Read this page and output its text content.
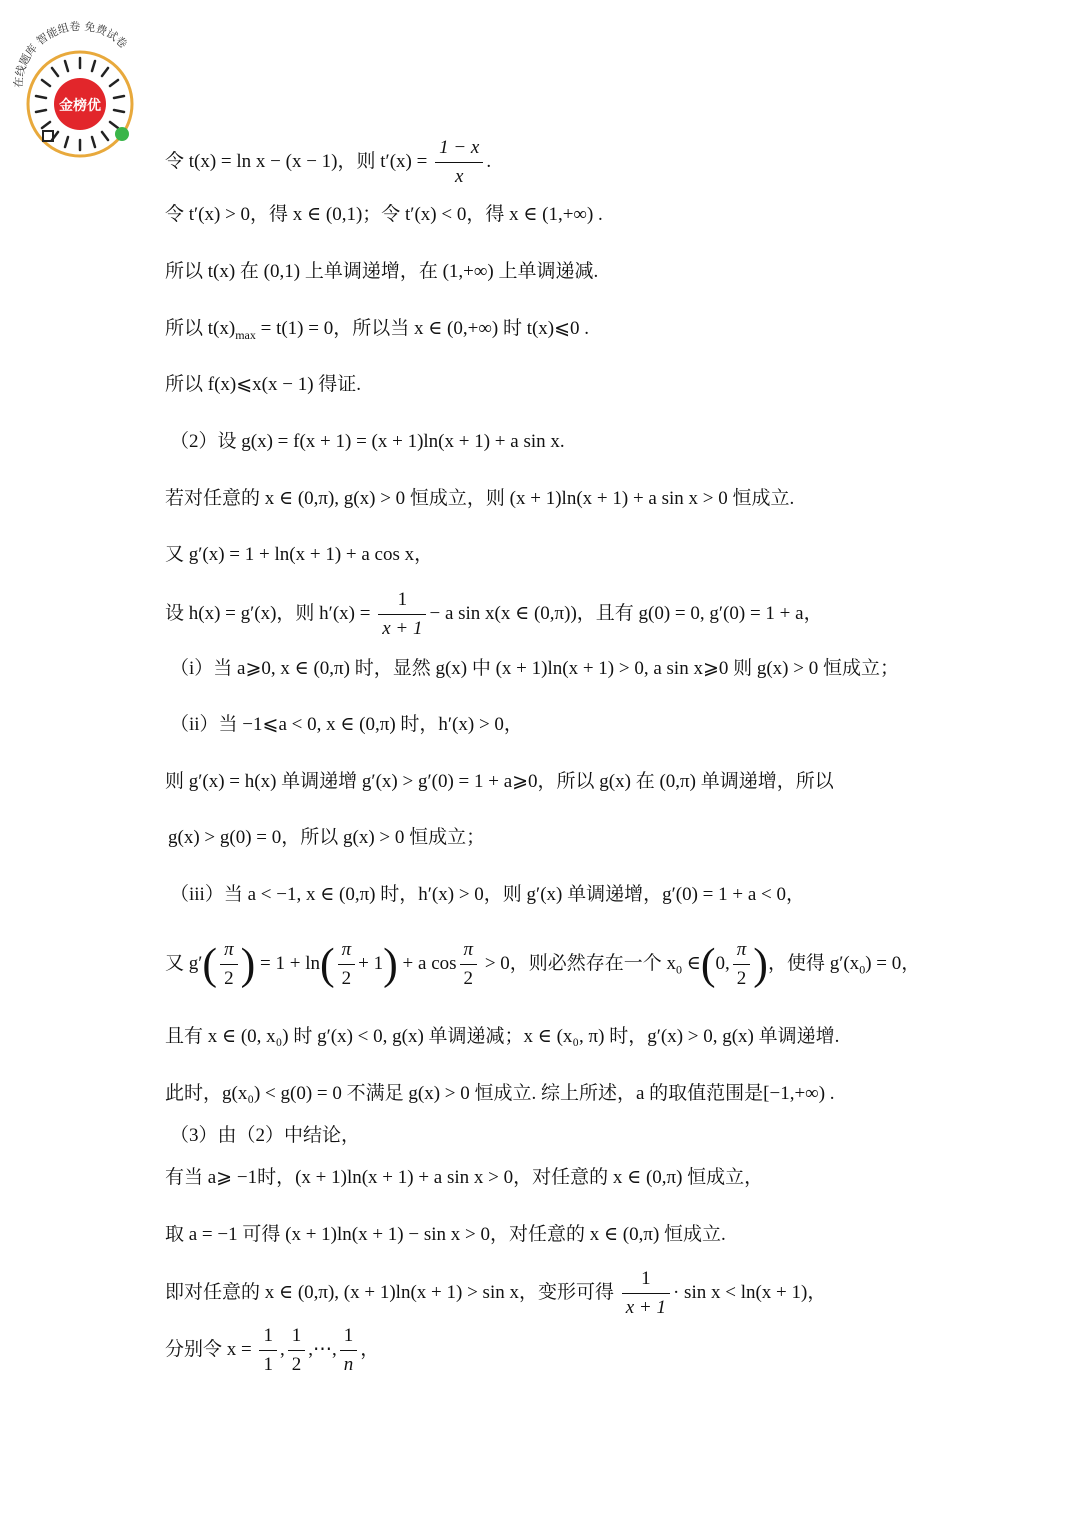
在线题库 智能组卷 免费试卷
金榜优
令 t(x) = ln x − (x − 1)，则 $t'(x) = \frac{1 - x}{x}$ .
令 t′(x) > 0，得 x ∈ (0,1)；令 t′(x) < 0，得 x ∈ (1,+∞) .
所以 t(x) 在 (0,1) 上单调递增，在 (1,+∞) 上单调递减.
所以 $t(x)_{max} = t(1) = 0$，所以当 x ∈ (0,+∞) 时 t(x)⩽0 .
所以 f(x)⩽x(x − 1) 得证.
（2）设 g(x) = f(x + 1) = (x + 1)ln(x + 1) + a sin x.
若对任意的 x ∈ (0,π), g(x) > 0 恒成立，则 (x + 1)ln(x + 1) + a sin x > 0 恒成立.
又 g′(x) = 1 + ln(x + 1) + a cos x，
设 h(x) = g′(x)，则 $h'(x) = \frac{1}{x + 1} - a$ sin x(x ∈ (0,π))，且有 g(0) = 0, g′(0) = 1 + a，
（i）当 a⩾0, x ∈ (0,π) 时，显然 g(x) 中 (x + 1)ln(x + 1) > 0, a sin x⩾0 则 g(x) > 0 恒成立；
（ii）当 −1⩽a < 0, x ∈ (0,π) 时，h′(x) > 0，
则 g′(x) = h(x) 单调递增 g′(x) > g′(0) = 1 + a⩾0，所以 g(x) 在 (0,π) 单调递增，所以
g(x) > g(0) = 0，所以 g(x) > 0 恒成立；
（iii）当 a < −1, x ∈ (0,π) 时，h′(x) > 0，则 g′(x) 单调递增，g′(0) = 1 + a < 0，
又 $g'( \frac{\pi}{2}$ ) = $1 + \ln( \frac{\pi}{2} + 1) + a$ $\cos \frac{\pi}{2} > 0$，则必然存在一个 $x_0$ ∈(0, $\frac{\pi}{2}$ )，使得 $g'(x_0) = 0$，
且有 x ∈ (0, x₀) 时 g′(x) < 0, g(x) 单调递减；x ∈ (x₀, π) 时，g′(x) > 0, g(x) 单调递增.
此时，g(x₀) < g(0) = 0 不满足 g(x) > 0 恒成立. 综上所述，a 的取值范围是[−1,+∞) .
（3）由（2）中结论，
有当 a⩾ −1时，(x + 1)ln(x + 1) + a sin x > 0，对任意的 x ∈ (0,π) 恒成立，
取 a = −1 可得 (x + 1)ln(x + 1) − sin x > 0，对任意的 x ∈ (0,π) 恒成立.
即对任意的 x ∈ (0,π), (x + 1)ln(x + 1) > sin x，变形可得 $\frac{1}{x + 1} \cdot \sin x < \ln(x + 1)$，
分别令 $x = \frac{1}{1}$ , $\frac{1}{2}$ ,⋯, $\frac{1}{n}$ ，
